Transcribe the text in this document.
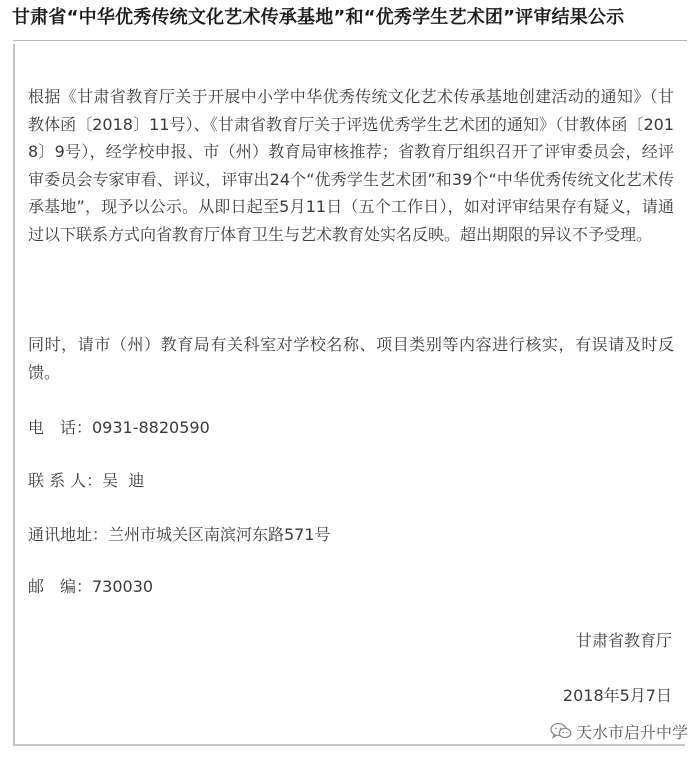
甘肃省“中华优秀传统文化艺术传承基地”和“优秀学生艺术团”评审结果公示
根据《甘肃省教育厅关于开展中小学中华优秀传统文化艺术传承基地创建活动的通知》（甘教体函〔2018〕11号）、《甘肃省教育厅关于评选优秀学生艺术团的通知》（甘教体函〔2018〕9号），经学校申报、市（州）教育局审核推荐；省教育厅组织召开了评审委员会，经评审委员会专家审看、评议，评审出24个“优秀学生艺术团”和39个“中华优秀传统文化艺术传承基地”，现予以公示。从即日起至5月11日（五个工作日），如对评审结果存有疑义，请通过以下联系方式向省教育厅体育卫生与艺术教育处实名反映。超出期限的异议不予受理。
同时，请市（州）教育局有关科室对学校名称、项目类别等内容进行核实，有误请及时反馈。
电　话：0931-8820590
联 系 人：吴  迪
通讯地址：兰州市城关区南滨河东路571号
邮　编：730030
甘肃省教育厅
2018年5月7日
天水市启升中学
